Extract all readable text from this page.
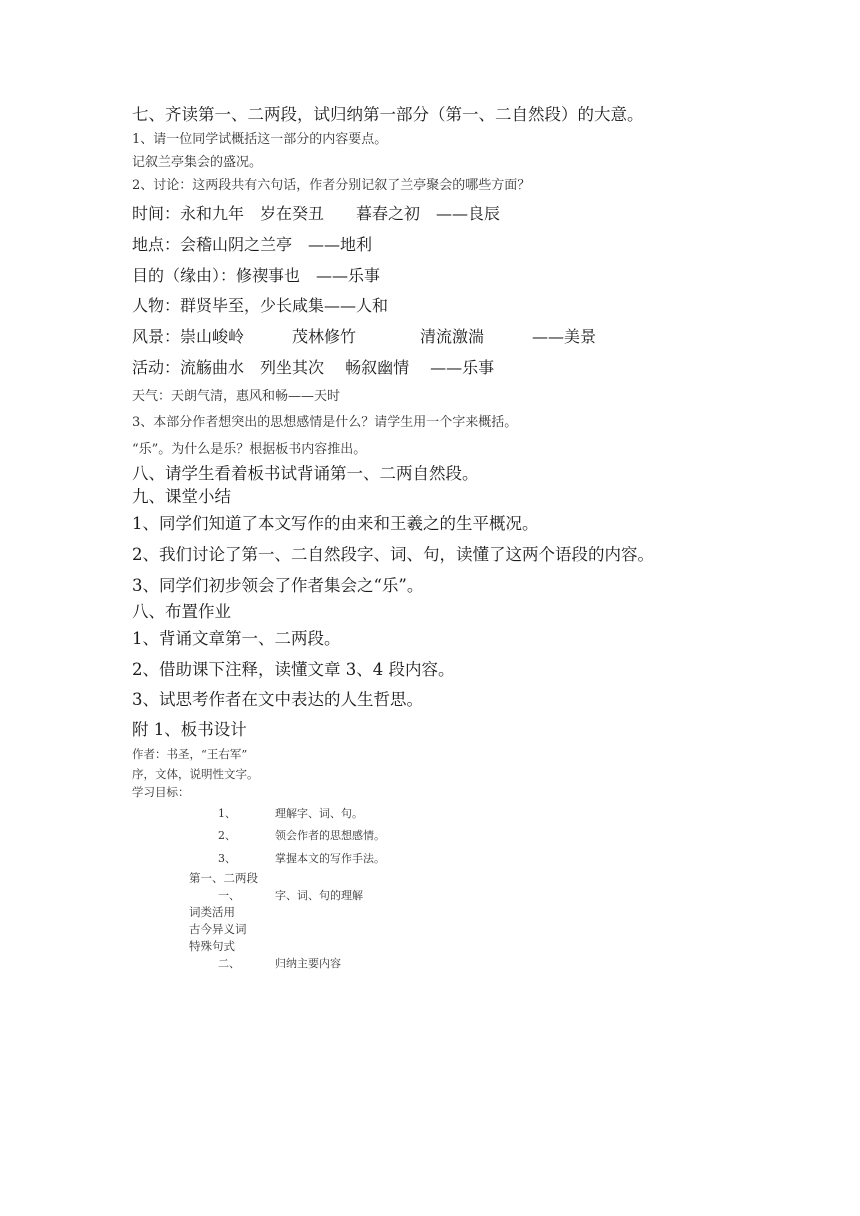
七、齐读第一、二两段，试归纳第一部分（第一、二自然段）的大意。
1、请一位同学试概括这一部分的内容要点。
记叙兰亭集会的盛况。
2、讨论：这两段共有六句话，作者分别记叙了兰亭聚会的哪些方面？
时间：永和九年　岁在癸丑　　暮春之初　——良辰
地点：会稽山阴之兰亭　——地利
目的（缘由）：修禊事也　——乐事
人物：群贤毕至，少长咸集——人和
风景：崇山峻岭　　　茂林修竹　　　　清流激湍　　　——美景
活动：流觞曲水　列坐其次　 畅叙幽情　 ——乐事
天气：天朗气清，惠风和畅——天时
3、本部分作者想突出的思想感情是什么？请学生用一个字来概括。
“乐”。为什么是乐？根据板书内容推出。
八、请学生看着板书试背诵第一、二两自然段。
九、课堂小结
1、同学们知道了本文写作的由来和王羲之的生平概况。
2、我们讨论了第一、二自然段字、词、句，读懂了这两个语段的内容。
3、同学们初步领会了作者集会之“乐”。
八、布置作业
1、背诵文章第一、二两段。
2、借助课下注释，读懂文章 3、4 段内容。
3、试思考作者在文中表达的人生哲思。
附 1、板书设计
作者：书圣，“王右军”
序，文体，说明性文字。
学习目标：
1、	理解字、词、句。
2、	领会作者的思想感情。
3、	掌握本文的写作手法。
第一、二两段
一、	字、词、句的理解
词类活用
古今异义词
特殊句式
二、	归纳主要内容
